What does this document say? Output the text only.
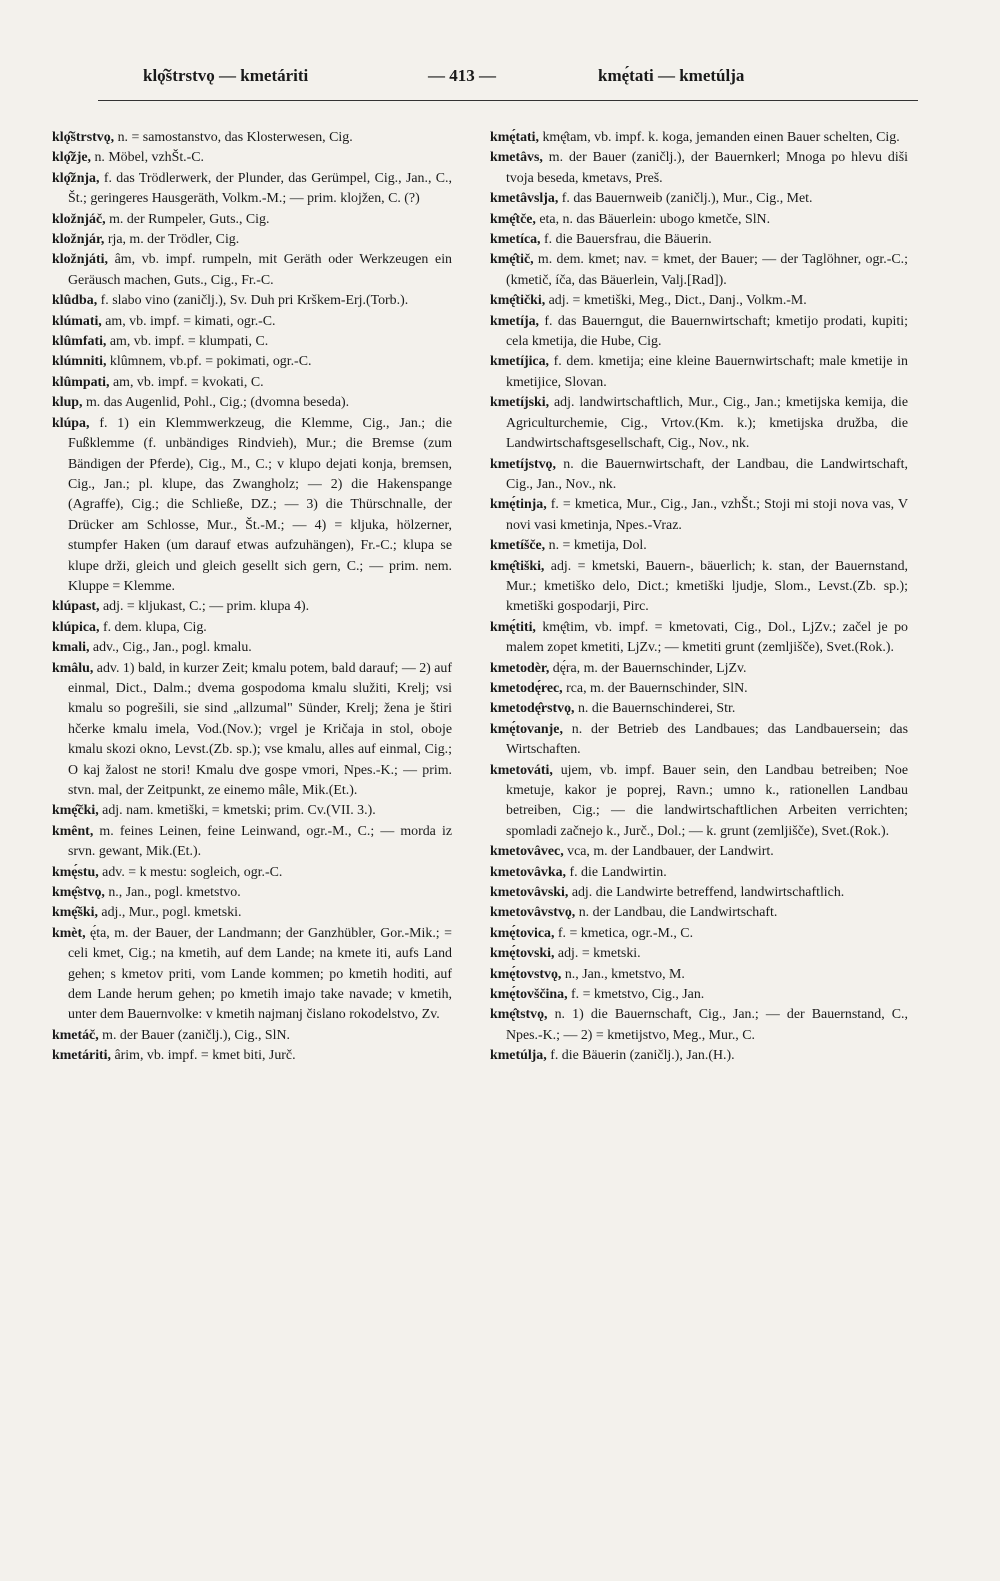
klǫ̂štrstvǫ — kmetáriti	— 413 —	kmę́tati — kmetúlja

klǫ̂štrstvǫ, n. = samostanstvo, das Klosterwesen, Cig.

klǫ̂žje, n. Möbel, vzhŠt.-C.

klǫ̂žnja, f. das Trödlerwerk, der Plunder, das Gerümpel, Cig., Jan., C., Št.; geringeres Hausgeräth, Volkm.-M.; — prim. klojžen, C. (?)

kložnjáč, m. der Rumpeler, Guts., Cig.

kložnjár, rja, m. der Trödler, Cig.

kložnjáti, âm, vb. impf. rumpeln, mit Geräth oder Werkzeugen ein Geräusch machen, Guts., Cig., Fr.-C.

klûdba, f. slabo vino (zaničlj.), Sv. Duh pri Krškem-Erj.(Torb.).

klúmati, am, vb. impf. = kimati, ogr.-C.

klûmfati, am, vb. impf. = klumpati, C.

klúmniti, klûmnem, vb.pf. = pokimati, ogr.-C.

klûmpati, am, vb. impf. = kvokati, C.

klup, m. das Augenlid, Pohl., Cig.; (dvomna beseda).

klúpa, f. 1) ein Klemmwerkzeug, die Klemme, Cig., Jan.; die Fußklemme (f. unbändiges Rindvieh), Mur.; die Bremse (zum Bändigen der Pferde), Cig., M., C.; v klupo dejati konja, bremsen, Cig., Jan.; pl. klupe, das Zwangholz; — 2) die Hakenspange (Agraffe), Cig.; die Schließe, DZ.; — 3) die Thürschnalle, der Drücker am Schlosse, Mur., Št.-M.; — 4) = kljuka, hölzerner, stumpfer Haken (um darauf etwas aufzuhängen), Fr.-C.; klupa se klupe drži, gleich und gleich gesellt sich gern, C.; — prim. nem. Kluppe = Klemme.

klúpast, adj. = kljukast, C.; — prim. klupa 4).

klúpica, f. dem. klupa, Cig.

kmali, adv., Cig., Jan., pogl. kmalu.

kmâlu, adv. 1) bald, in kurzer Zeit; kmalu potem, bald darauf; — 2) auf einmal, Dict., Dalm.; dvema gospodoma kmalu služiti, Krelj; vsi kmalu so pogrešili, sie sind „allzumal" Sünder, Krelj; žena je štiri hčerke kmalu imela, Vod.(Nov.); vrgel je Kričaja in stol, oboje kmalu skozi okno, Levst.(Zb. sp.); vse kmalu, alles auf einmal, Cig.; O kaj žalost ne stori! Kmalu dve gospe vmori, Npes.-K.; — prim. stvn. mal, der Zeitpunkt, ze einemo mâle, Mik.(Et.).

kmę̂čki, adj. nam. kmetiški, = kmetski; prim. Cv.(VII. 3.).

kmênt, m. feines Leinen, feine Leinwand, ogr.-M., C.; — morda iz srvn. gewant, Mik.(Et.).

kmę́stu, adv. = k mestu: sogleich, ogr.-C.

kmę̂stvǫ, n., Jan., pogl. kmetstvo.

kmę̂ški, adj., Mur., pogl. kmetski.

kmèt, ę́ta, m. der Bauer, der Landmann; der Ganzhübler, Gor.-Mik.; = celi kmet, Cig.; na kmetih, auf dem Lande; na kmete iti, aufs Land gehen; s kmetov priti, vom Lande kommen; po kmetih hoditi, auf dem Lande herum gehen; po kmetih imajo take navade; v kmetih, unter dem Bauernvolke: v kmetih najmanj čislano rokodelstvo, Zv.

kmetáč, m. der Bauer (zaničlj.), Cig., SlN.

kmetáriti, ârim, vb. impf. = kmet biti, Jurč.

kmę́tati, kmę̂tam, vb. impf. k. koga, jemanden einen Bauer schelten, Cig.

kmetâvs, m. der Bauer (zaničlj.), der Bauernkerl; Mnoga po hlevu diši tvoja beseda, kmetavs, Preš.

kmetâvslja, f. das Bauernweib (zaničlj.), Mur., Cig., Met.

kmę̂tče, eta, n. das Bäuerlein: ubogo kmetče, SlN.

kmetíca, f. die Bauersfrau, die Bäuerin.

kmę̂tič, m. dem. kmet; nav. = kmet, der Bauer; — der Taglöhner, ogr.-C.; (kmetič, íča, das Bäuerlein, Valj.[Rad]).

kmę̂tički, adj. = kmetiški, Meg., Dict., Danj., Volkm.-M.

kmetíja, f. das Bauerngut, die Bauernwirtschaft; kmetijo prodati, kupiti; cela kmetija, die Hube, Cig.

kmetíjica, f. dem. kmetija; eine kleine Bauernwirtschaft; male kmetije in kmetijice, Slovan.

kmetíjski, adj. landwirtschaftlich, Mur., Cig., Jan.; kmetijska kemija, die Agriculturchemie, Cig., Vrtov.(Km. k.); kmetijska družba, die Landwirtschaftsgesellschaft, Cig., Nov., nk.

kmetíjstvǫ, n. die Bauernwirtschaft, der Landbau, die Landwirtschaft, Cig., Jan., Nov., nk.

kmę́tinja, f. = kmetica, Mur., Cig., Jan., vzhŠt.; Stoji mi stoji nova vas, V novi vasi kmetinja, Npes.-Vraz.

kmetíšče, n. = kmetija, Dol.

kmę̂tiški, adj. = kmetski, Bauern-, bäuerlich; k. stan, der Bauernstand, Mur.; kmetiško delo, Dict.; kmetiški ljudje, Slom., Levst.(Zb. sp.); kmetiški gospodarji, Pirc.

kmę́titi, kmę̂tim, vb. impf. = kmetovati, Cig., Dol., LjZv.; začel je po malem zopet kmetiti, LjZv.; — kmetiti grunt (zemljišče), Svet.(Rok.).

kmetodèr, dę́ra, m. der Bauernschinder, LjZv.

kmetodę́rec, rca, m. der Bauernschinder, SlN.

kmetodę̂rstvǫ, n. die Bauernschinderei, Str.

kmę́tovanje, n. der Betrieb des Landbaues; das Landbauersein; das Wirtschaften.

kmetováti, ujem, vb. impf. Bauer sein, den Landbau betreiben; Noe kmetuje, kakor je poprej, Ravn.; umno k., rationellen Landbau betreiben, Cig.; — die landwirtschaftlichen Arbeiten verrichten; spomladi začnejo k., Jurč., Dol.; — k. grunt (zemljišče), Svet.(Rok.).

kmetovâvec, vca, m. der Landbauer, der Landwirt.

kmetovâvka, f. die Landwirtin.

kmetovâvski, adj. die Landwirte betreffend, landwirtschaftlich.

kmetovâvstvǫ, n. der Landbau, die Landwirtschaft.

kmę́tovica, f. = kmetica, ogr.-M., C.

kmę́tovski, adj. = kmetski.

kmę́tovstvǫ, n., Jan., kmetstvo, M.

kmę́tovščina, f. = kmetstvo, Cig., Jan.

kmę̂tstvǫ, n. 1) die Bauernschaft, Cig., Jan.; — der Bauernstand, C., Npes.-K.; — 2) = kmetijstvo, Meg., Mur., C.

kmetúlja, f. die Bäuerin (zaničlj.), Jan.(H.).
